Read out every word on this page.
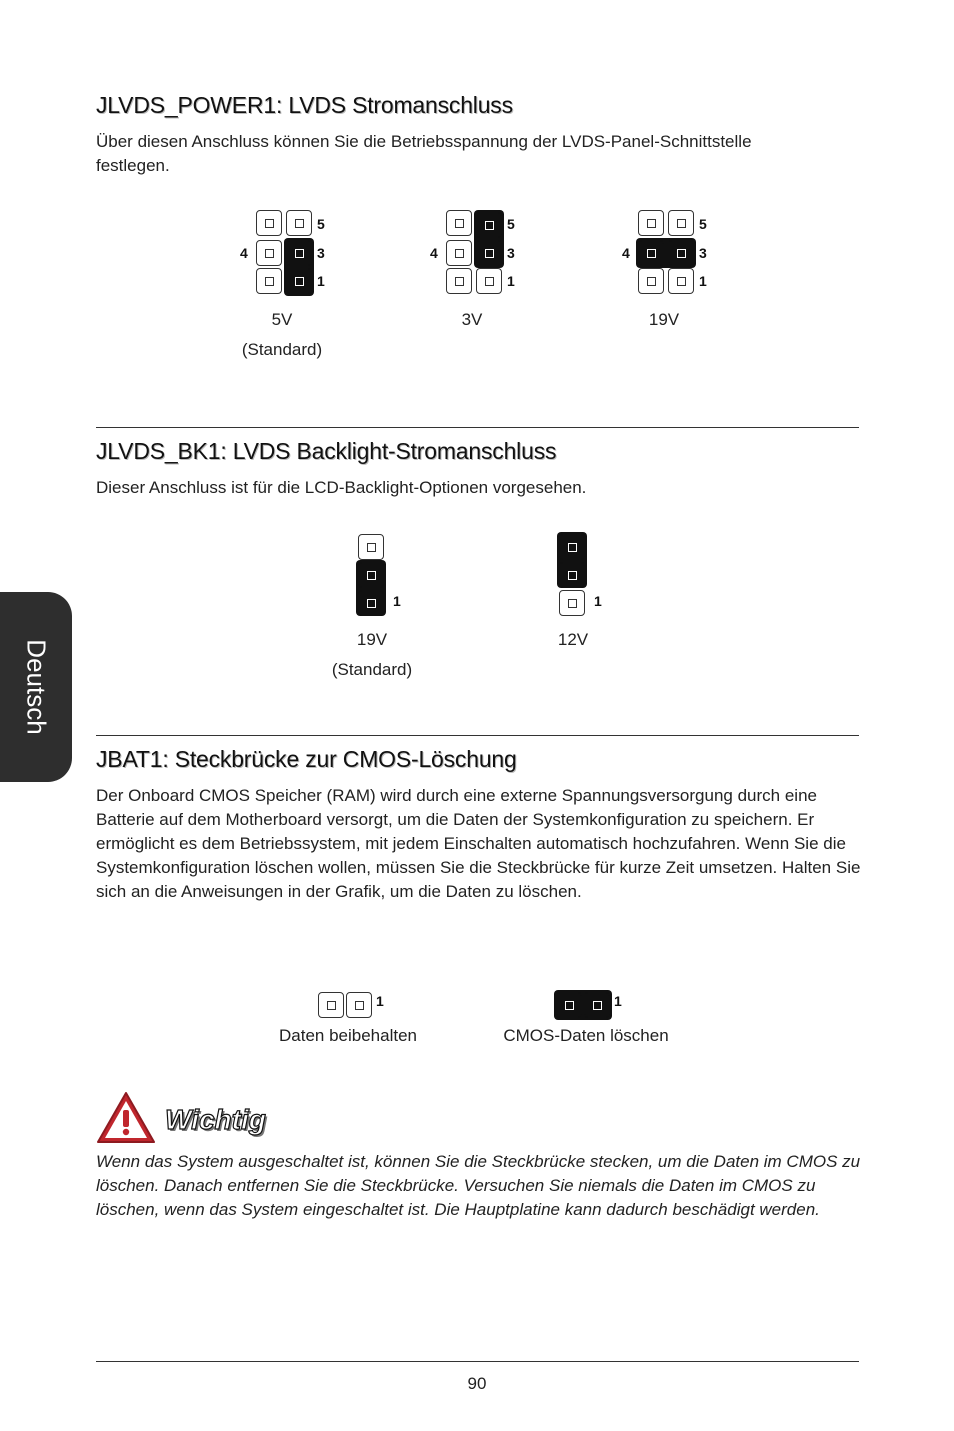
Deutsch
JLVDS_POWER1: LVDS Stromanschluss

Über diesen Anschluss können Sie die Betriebsspannung der LVDS-Panel-Schnittstelle festlegen.

5
4	3
1
5V
(Standard)
5
4	3
1
3V
5
4	3
1
19V
JLVDS_BK1: LVDS Backlight-Stromanschluss

Dieser Anschluss ist für die LCD-Backlight-Optionen vorgesehen.

1
19V
(Standard)
1
12V
JBAT1: Steckbrücke zur CMOS-Löschung

Der Onboard CMOS Speicher (RAM) wird durch eine externe Spannungsversorgung durch eine Batterie auf dem Motherboard versorgt, um die Daten der Systemkonfiguration zu speichern. Er ermöglicht es dem Betriebssystem, mit jedem Einschalten automatisch hochzufahren. Wenn Sie die Systemkonfiguration löschen wollen, müssen Sie die Steckbrücke für kurze Zeit umsetzen. Halten Sie sich an die Anweisungen in der Grafik, um die Daten zu löschen.

1
Daten beibehalten
1
CMOS-Daten löschen
Wichtig

Wenn das System ausgeschaltet ist, können Sie die Steckbrücke stecken, um die Daten im CMOS zu löschen. Danach entfernen Sie die Steckbrücke. Versuchen Sie niemals die Daten im CMOS zu löschen, wenn das System eingeschaltet ist. Die Hauptplatine kann dadurch beschädigt werden.

90
